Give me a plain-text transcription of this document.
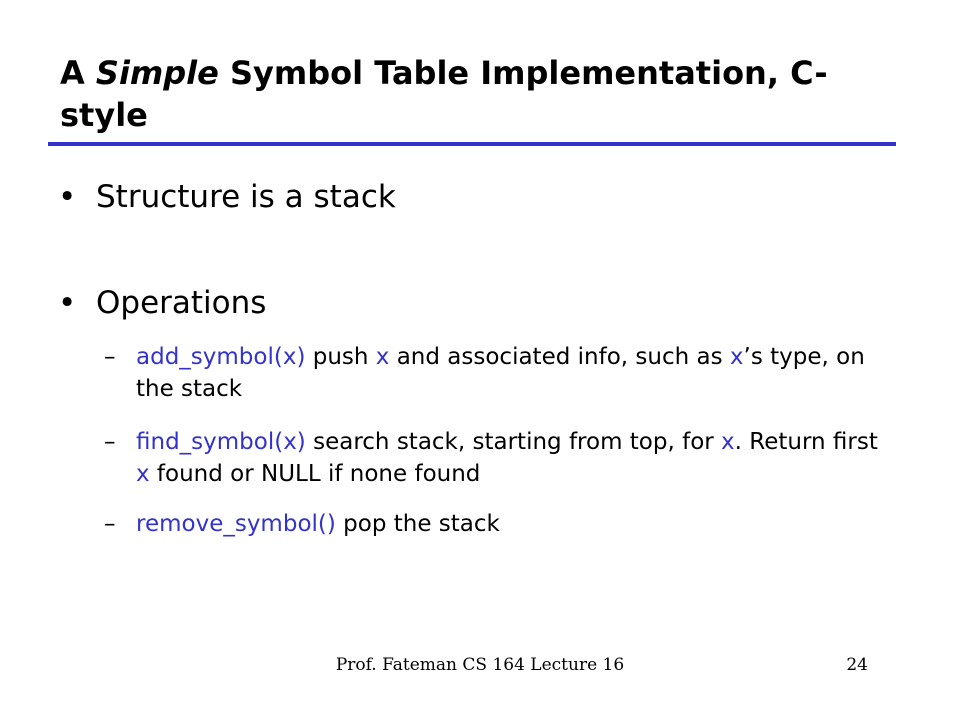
A Simple Symbol Table Implementation, C-style
• Structure is a stack
• Operations
– add_symbol(x) push x and associated info, such as x’s type, on the stack
– find_symbol(x) search stack, starting from top, for x. Return first x found or NULL if none found
– remove_symbol() pop the stack
Prof. Fateman CS 164 Lecture 16	24
